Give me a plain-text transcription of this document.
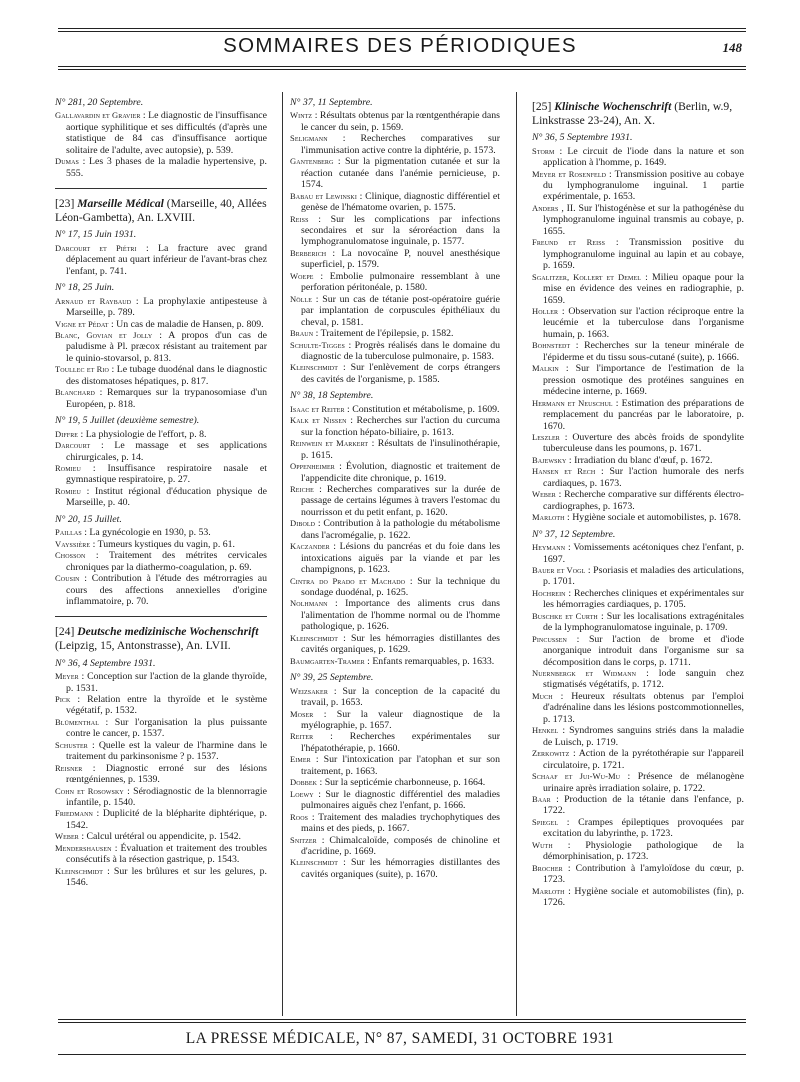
SOMMAIRES DES PÉRIODIQUES	148
N° 281, 20 Septembre.

Gallavardin et Gravier : Le diagnostic de l'insuffisance aortique syphilitique et ses difficultés (d'après une statistique de 84 cas d'insuffisance aortique solitaire de l'adulte, avec autopsie), p. 539.

Dumas : Les 3 phases de la maladie hypertensive, p. 555.

[23] Marseille Médical (Marseille, 40, Allées Léon-Gambetta), An. LXVIII.
N° 17, 15 Juin 1931.

Darcourt et Piétri : La fracture avec grand déplacement au quart inférieur de l'avant-bras chez l'enfant, p. 741.

N° 18, 25 Juin.

Arnaud et Raybaud : La prophylaxie antipesteuse à Marseille, p. 789.

Vigne et Pédat : Un cas de maladie de Hansen, p. 809.

Blanc, Govian et Jolly : A propos d'un cas de paludisme à Pl. præcox résistant au traitement par le quinio-stovarsol, p. 813.

Toullec et Rio : Le tubage duodénal dans le diagnostic des distomatoses hépatiques, p. 817.

Blanchard : Remarques sur la trypanosomiase d'un Européen, p. 818.

N° 19, 5 Juillet (deuxième semestre).

Diffre : La physiologie de l'effort, p. 8.

Darcourt : Le massage et ses applications chirurgicales, p. 14.

Romieu : Insuffisance respiratoire nasale et gymnastique respiratoire, p. 27.

Romieu : Institut régional d'éducation physique de Marseille, p. 40.

N° 20, 15 Juillet.

Paillas : La gynécologie en 1930, p. 53.

Vayssière : Tumeurs kystiques du vagin, p. 61.

Chosson : Traitement des métrites cervicales chroniques par la diathermo-coagulation, p. 69.

Cousin : Contribution à l'étude des métrorragies au cours des affections annexielles d'origine inflammatoire, p. 70.

[24] Deutsche medizinische Wochenschrift (Leipzig, 15, Antonstrasse), An. LVII.
N° 36, 4 Septembre 1931.

Meyer : Conception sur l'action de la glande thyroïde, p. 1531.

Pick : Relation entre la thyroïde et le système végétatif, p. 1532.

Blümenthal : Sur l'organisation la plus puissante contre le cancer, p. 1537.

Schuster : Quelle est la valeur de l'harmine dans le traitement du parkinsonisme ? p. 1537.

Reisner : Diagnostic erroné sur des lésions rœntgéniennes, p. 1539.

Cohn et Rosowsky : Sérodiagnostic de la blennorragie infantile, p. 1540.

Friedmann : Duplicité de la blépharite diphtérique, p. 1542.

Weber : Calcul urétéral ou appendicite, p. 1542.

Mendershausen : Évaluation et traitement des troubles consécutifs à la résection gastrique, p. 1543.

Kleinschmidt : Sur les brûlures et sur les gelures, p. 1546.

N° 37, 11 Septembre.

Wintz : Résultats obtenus par la rœntgenthérapie dans le cancer du sein, p. 1569.

Seligmann : Recherches comparatives sur l'immunisation active contre la diphtérie, p. 1573.

Gantenberg : Sur la pigmentation cutanée et sur la réaction cutanée dans l'anémie pernicieuse, p. 1574.

Babau et Lewinski : Clinique, diagnostic différentiel et genèse de l'hématome ovarien, p. 1575.

Reiss : Sur les complications par infections secondaires et sur la séroréaction dans la lymphogranulomatose inguinale, p. 1577.

Berberich : La novocaïne P, nouvel anesthésique superficiel, p. 1579.

Woepe : Embolie pulmonaire ressemblant à une perforation péritonéale, p. 1580.

Nölle : Sur un cas de tétanie post-opératoire guérie par implantation de corpuscules épithéliaux du cheval, p. 1581.

Braun : Traitement de l'épilepsie, p. 1582.

Schulte-Tigges : Progrès réalisés dans le domaine du diagnostic de la tuberculose pulmonaire, p. 1583.

Kleinschmidt : Sur l'enlèvement de corps étrangers des cavités de l'organisme, p. 1585.

N° 38, 18 Septembre.

Isaac et Reiter : Constitution et métabolisme, p. 1609.

Kalk et Nissen : Recherches sur l'action du curcuma sur la fonction hépato-biliaire, p. 1613.

Reinwein et Markert : Résultats de l'insulinothérapie, p. 1615.

Oppenheimer : Évolution, diagnostic et traitement de l'appendicite dite chronique, p. 1619.

Reiche : Recherches comparatives sur la durée de passage de certains légumes à travers l'estomac du nourrisson et du petit enfant, p. 1620.

Dibold : Contribution à la pathologie du métabolisme dans l'acromégalie, p. 1622.

Kaczander : Lésions du pancréas et du foie dans les intoxications aiguës par la viande et par les champignons, p. 1623.

Cintra do Prado et Machado : Sur la technique du sondage duodénal, p. 1625.

Nolhmann : Importance des aliments crus dans l'alimentation de l'homme normal ou de l'homme pathologique, p. 1626.

Kleinschmidt : Sur les hémorragies distillantes des cavités organiques, p. 1629.

Baumgarten-Tramer : Enfants remarquables, p. 1633.

N° 39, 25 Septembre.

Weizsaker : Sur la conception de la capacité du travail, p. 1653.

Moser : Sur la valeur diagnostique de la myélographie, p. 1657.

Reiter : Recherches expérimentales sur l'hépatothérapie, p. 1660.

Eimer : Sur l'intoxication par l'atophan et sur son traitement, p. 1663.

Dobbek : Sur la septicémie charbonneuse, p. 1664.

Loewy : Sur le diagnostic différentiel des maladies pulmonaires aiguës chez l'enfant, p. 1666.

Roos : Traitement des maladies trychophytiques des mains et des pieds, p. 1667.

Snitzer : Chimalcaloïde, composés de chinoline et d'acridine, p. 1669.

Kleinschmidt : Sur les hémorragies distillantes des cavités organiques (suite), p. 1670.

[25] Klinische Wochenschrift (Berlin, w.9, Linkstrasse 23-24), An. X.
N° 36, 5 Septembre 1931.

Storm : Le circuit de l'iode dans la nature et son application à l'homme, p. 1649.

Meyer et Rosenfeld : Transmission positive au cobaye du lymphogranulome inguinal. 1 partie expérimentale, p. 1653.

Anders , II. Sur l'histogénèse et sur la pathogénèse du lymphogranulome inguinal transmis au cobaye, p. 1655.

Freund et Reiss : Transmission positive du lymphogranulome inguinal au lapin et au cobaye, p. 1659.

Sgalitzer, Kollert et Demel : Milieu opaque pour la mise en évidence des veines en radiographie, p. 1659.

Holler : Observation sur l'action réciproque entre la leucémie et la tuberculose dans l'organisme humain, p. 1663.

Bohnstedt : Recherches sur la teneur minérale de l'épiderme et du tissu sous-cutané (suite), p. 1666.

Malkin : Sur l'importance de l'estimation de la pression osmotique des protéines sanguines en médecine interne, p. 1669.

Hermann et Neuschul : Estimation des préparations de remplacement du pancréas par le laboratoire, p. 1670.

Leszler : Ouverture des abcès froids de spondylite tuberculeuse dans les poumons, p. 1671.

Bajewsky : Irradiation du blanc d'œuf, p. 1672.

Hansen et Rech : Sur l'action humorale des nerfs cardiaques, p. 1673.

Weber : Recherche comparative sur différents électro-cardiographes, p. 1673.

Marloth : Hygiène sociale et automobilistes, p. 1678.

N° 37, 12 Septembre.

Heymann : Vomissements acétoniques chez l'enfant, p. 1697.

Bauer et Vogl : Psoriasis et maladies des articulations, p. 1701.

Hochrein : Recherches cliniques et expérimentales sur les hémorragies cardiaques, p. 1705.

Buschke et Curth : Sur les localisations extragénitales de la lymphogranulomatose inguinale, p. 1709.

Pincussen : Sur l'action de brome et d'iode anorganique introduit dans l'organisme sur sa décomposition dans le corps, p. 1711.

Nuernbergk et Widmann : lode sanguin chez stigmatisés végétatifs, p. 1712.

Much : Heureux résultats obtenus par l'emploi d'adrénaline dans les lésions postcommotionnelles, p. 1713.

Henkel : Syndromes sanguins striés dans la maladie de Luisch, p. 1719.

Zerkowitz : Action de la pyrétothérapie sur l'appareil circulatoire, p. 1721.

Schaaf et Jui-Wu-Mu : Présence de mélanogène urinaire après irradiation solaire, p. 1722.

Baar : Production de la tétanie dans l'enfance, p. 1722.

Spiegel : Crampes épileptiques provoquées par excitation du labyrinthe, p. 1723.

Wuth : Physiologie pathologique de la démorphinisation, p. 1723.

Brocher : Contribution à l'amyloïdose du cœur, p. 1723.

Marloth : Hygiène sociale et automobilistes (fin), p. 1726.

LA PRESSE MÉDICALE, N° 87, SAMEDI, 31 OCTOBRE 1931
